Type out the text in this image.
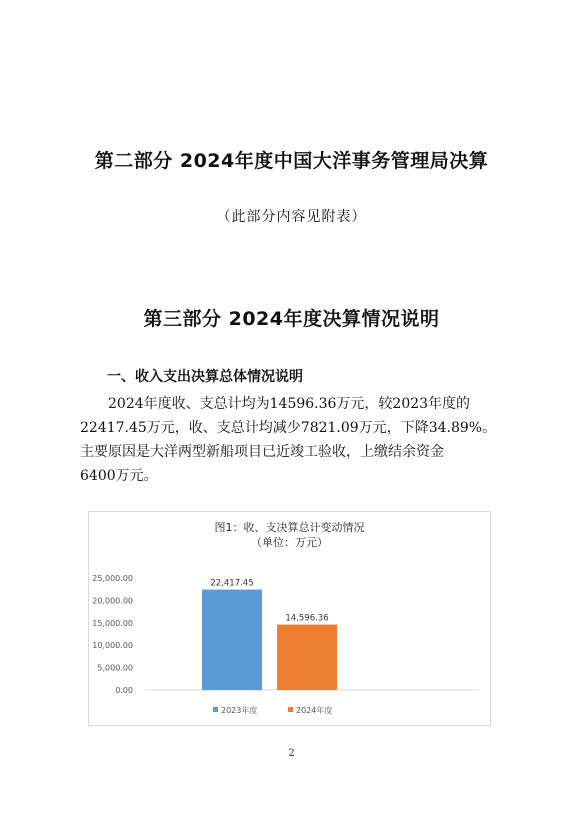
第二部分 2024年度中国大洋事务管理局决算
（此部分内容见附表）
第三部分 2024年度决算情况说明
一、收入支出决算总体情况说明
2024年度收、支总计均为14596.36万元，较2023年度的
22417.45万元，收、支总计均减少7821.09万元，下降34.89%。
主要原因是大洋两型新船项目已近竣工验收，上缴结余资金
6400万元。
图1：收、支决算总计变动情况
（单位：万元）
25,000.00
20,000.00
15,000.00
10,000.00
5,000.00
0.00
22,417.45
14,596.36
2023年度	2024年度
2
